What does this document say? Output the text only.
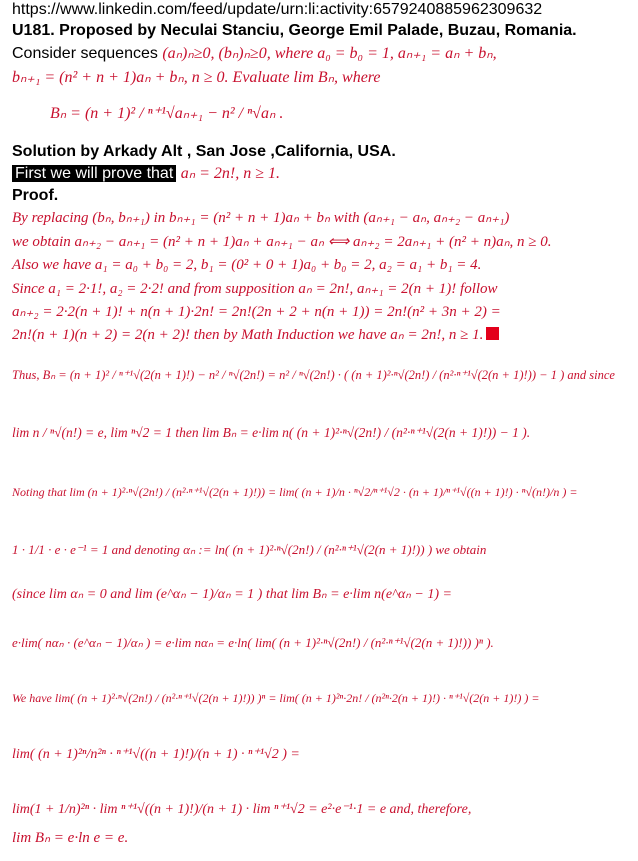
https://www.linkedin.com/feed/update/urn:li:activity:6579240885962309632
U181. Proposed by Neculai Stanciu, George Emil Palade, Buzau, Romania.
Consider sequences (aₙ)ₙ≥0, (bₙ)ₙ≥0, where a₀ = b₀ = 1, aₙ₊₁ = aₙ + bₙ,
bₙ₊₁ = (n² + n + 1)aₙ + bₙ, n ≥ 0. Evaluate lim Bₙ, where
Bₙ = (n + 1)² / ⁿ⁺¹√aₙ₊₁ − n² / ⁿ√aₙ .
Solution by Arkady Alt , San Jose ,California, USA.
First we will prove that aₙ = 2n!, n ≥ 1.
Proof.
By replacing (bₙ, bₙ₊₁) in bₙ₊₁ = (n² + n + 1)aₙ + bₙ with (aₙ₊₁ − aₙ, aₙ₊₂ − aₙ₊₁)
we obtain aₙ₊₂ − aₙ₊₁ = (n² + n + 1)aₙ + aₙ₊₁ − aₙ ⟺ aₙ₊₂ = 2aₙ₊₁ + (n² + n)aₙ, n ≥ 0.
Also we have a₁ = a₀ + b₀ = 2, b₁ = (0² + 0 + 1)a₀ + b₀ = 2, a₂ = a₁ + b₁ = 4.
Since a₁ = 2·1!, a₂ = 2·2! and from supposition aₙ = 2n!, aₙ₊₁ = 2(n + 1)! follow
aₙ₊₂ = 2·2(n + 1)! + n(n + 1)·2n! = 2n!(2n + 2 + n(n + 1)) = 2n!(n² + 3n + 2) =
2n!(n + 1)(n + 2) = 2(n + 2)! then by Math Induction we have aₙ = 2n!, n ≥ 1.
Thus, Bₙ = (n + 1)² / ⁿ⁺¹√(2(n + 1)!) − n² / ⁿ√(2n!) = n² / ⁿ√(2n!) · ( (n + 1)²·ⁿ√(2n!) / (n²·ⁿ⁺¹√(2(n + 1)!)) − 1 ) and since
lim n / ⁿ√(n!) = e, lim ⁿ√2 = 1 then lim Bₙ = e·lim n( (n + 1)²·ⁿ√(2n!) / (n²·ⁿ⁺¹√(2(n + 1)!)) − 1 ).
Noting that lim (n + 1)²·ⁿ√(2n!) / (n²·ⁿ⁺¹√(2(n + 1)!)) = lim( (n + 1)/n · ⁿ√2/ⁿ⁺¹√2 · (n + 1)/ⁿ⁺¹√((n + 1)!) · ⁿ√(n!)/n ) =
1 · 1/1 · e · e⁻¹ = 1 and denoting αₙ := ln( (n + 1)²·ⁿ√(2n!) / (n²·ⁿ⁺¹√(2(n + 1)!)) ) we obtain
(since lim αₙ = 0 and lim (e^αₙ − 1)/αₙ = 1 ) that lim Bₙ = e·lim n(e^αₙ − 1) =
e·lim( nαₙ · (e^αₙ − 1)/αₙ ) = e·lim nαₙ = e·ln( lim( (n + 1)²·ⁿ√(2n!) / (n²·ⁿ⁺¹√(2(n + 1)!)) )ⁿ ).
We have lim( (n + 1)²·ⁿ√(2n!) / (n²·ⁿ⁺¹√(2(n + 1)!)) )ⁿ = lim( (n + 1)²ⁿ·2n! / (n²ⁿ·2(n + 1)!) · ⁿ⁺¹√(2(n + 1)!) ) =
lim( (n + 1)²ⁿ/n²ⁿ · ⁿ⁺¹√((n + 1)!)/(n + 1) · ⁿ⁺¹√2 ) =
lim(1 + 1/n)²ⁿ · lim ⁿ⁺¹√((n + 1)!)/(n + 1) · lim ⁿ⁺¹√2 = e²·e⁻¹·1 = e and, therefore,
lim Bₙ = e·ln e = e.
